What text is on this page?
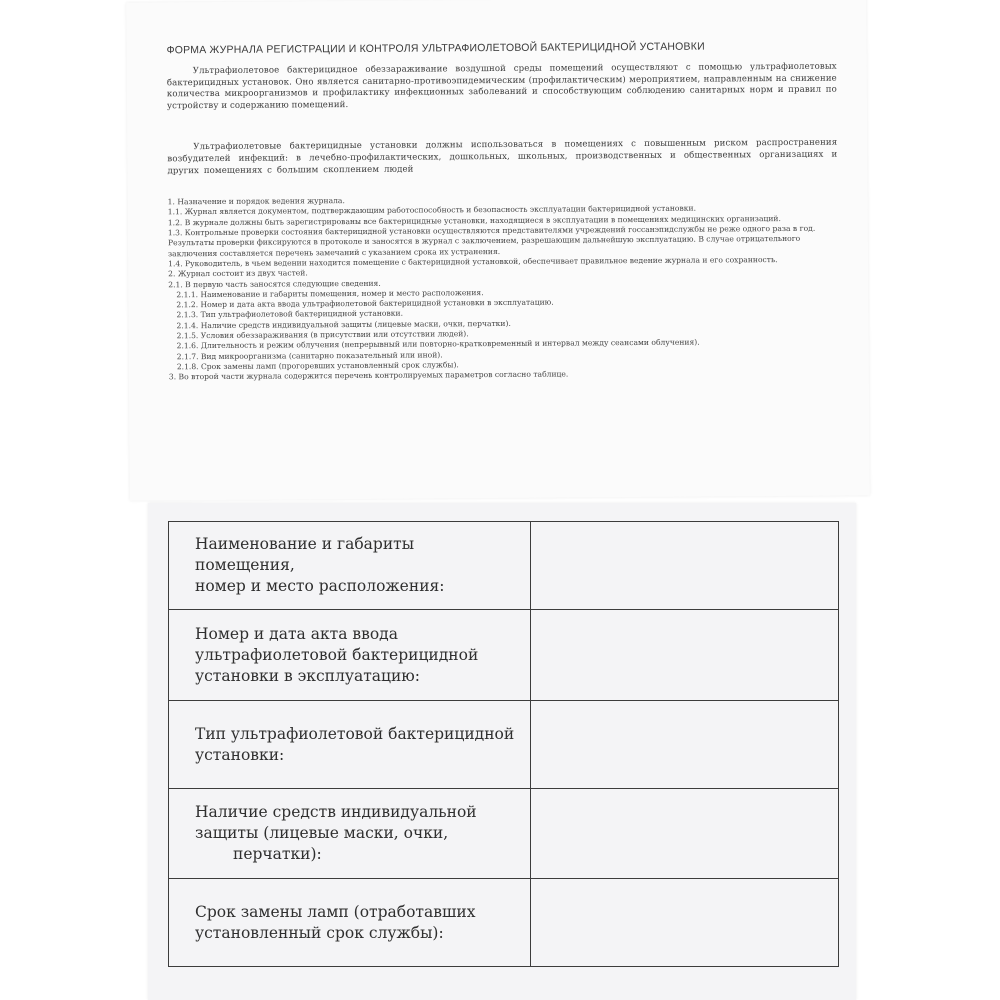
ФОРМА ЖУРНАЛА РЕГИСТРАЦИИ И КОНТРОЛЯ УЛЬТРАФИОЛЕТОВОЙ БАКТЕРИЦИДНОЙ УСТАНОВКИ

Ультрафиолетовое бактерицидное обеззараживание воздушной среды помещений осуществляют с помощью ультрафиолетовых бактерицидных установок. Оно является санитарно-противоэпидемическим (профилактическим) мероприятием, направленным на снижение количества микроорганизмов и профилактику инфекционных заболеваний и способствующим соблюдению санитарных норм и правил по устройству и содержанию помещений.

Ультрафиолетовые бактерицидные установки должны использоваться в помещениях с повышенным риском распространения возбудителей инфекций: в лечебно-профилактических, дошкольных, школьных, производственных и общественных организациях и других помещениях с большим скоплением людей

1. Назначение и порядок ведения журнала.
1.1. Журнал является документом, подтверждающим работоспособность и безопасность эксплуатации бактерицидной установки.
1.2. В журнале должны быть зарегистрированы все бактерицидные установки, находящиеся в эксплуатации в помещениях медицинских организаций.
1.3. Контрольные проверки состояния бактерицидной установки осуществляются представителями учреждений госсанэпидслужбы не реже одного раза в год. Результаты проверки фиксируются в протоколе и заносятся в журнал с заключением, разрешающим дальнейшую эксплуатацию. В случае отрицательного заключения составляется перечень замечаний с указанием срока их устранения.
1.4. Руководитель, в чьем ведении находится помещение с бактерицидной установкой, обеспечивает правильное ведение журнала и его сохранность.
2. Журнал состоит из двух частей.
2.1. В первую часть заносятся следующие сведения.
2.1.1. Наименование и габариты помещения, номер и место расположения.
2.1.2. Номер и дата акта ввода ультрафиолетовой бактерицидной установки в эксплуатацию.
2.1.3. Тип ультрафиолетовой бактерицидной установки.
2.1.4. Наличие средств индивидуальной защиты (лицевые маски, очки, перчатки).
2.1.5. Условия обеззараживания (в присутствии или отсутствии людей).
2.1.6. Длительность и режим облучения (непрерывный или повторно-кратковременный и интервал между сеансами облучения).
2.1.7. Вид микроорганизма (санитарно показательный или иной).
2.1.8. Срок замены ламп (прогоревших установленный срок службы).
3. Во второй части журнала содержится перечень контролируемых параметров согласно таблице.
Наименование и габариты помещения,
номер и место расположения:	

Номер и дата акта ввода
ультрафиолетовой бактерицидной
установки в эксплуатацию:	

Тип ультрафиолетовой бактерицидной
установки:	

Наличие средств индивидуальной
защиты (лицевые маски, очки,
перчатки):	

Срок замены ламп (отработавших
установленный срок службы):	
